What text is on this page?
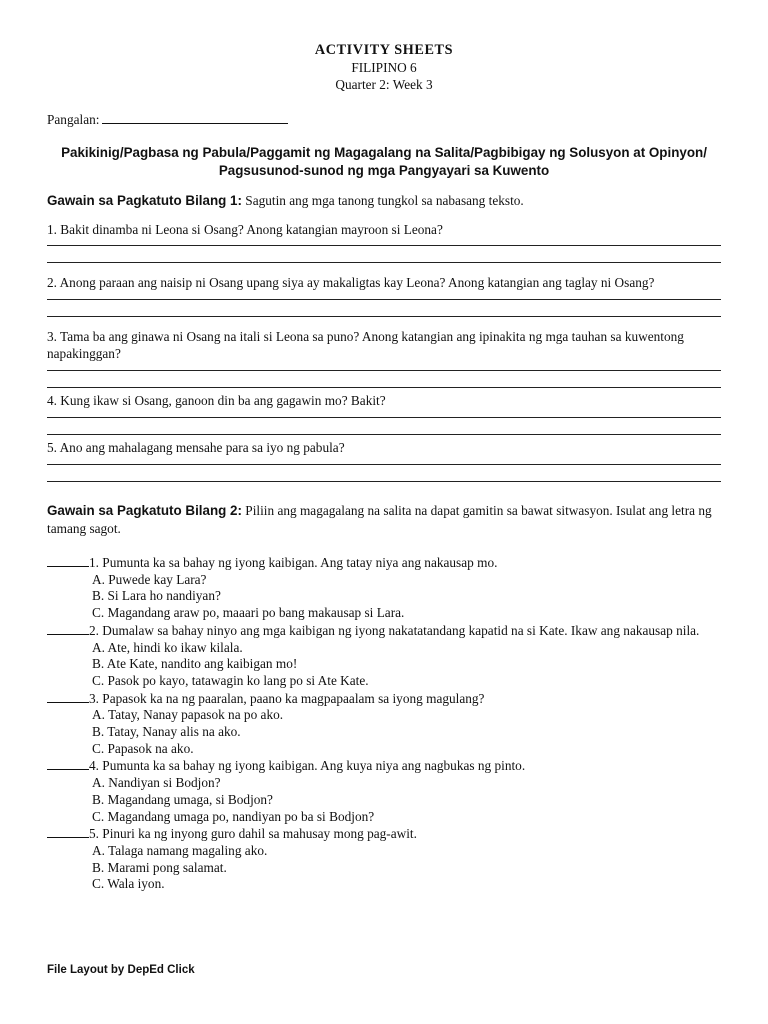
ACTIVITY SHEETS
FILIPINO 6
Quarter 2: Week 3
Pangalan:
Pakikinig/Pagbasa ng Pabula/Paggamit ng Magagalang na Salita/Pagbibigay ng Solusyon at Opinyon/
Pagsusunod-sunod ng mga Pangyayari sa Kuwento
Gawain sa Pagkatuto Bilang 1: Sagutin ang mga tanong tungkol sa nabasang teksto.
1. Bakit dinamba ni Leona si Osang? Anong katangian mayroon si Leona?
2. Anong paraan ang naisip ni Osang upang siya ay makaligtas kay Leona? Anong katangian ang taglay ni Osang?
3. Tama ba ang ginawa ni Osang na itali si Leona sa puno? Anong katangian ang ipinakita ng mga tauhan sa kuwentong napakinggan?
4. Kung ikaw si Osang, ganoon din ba ang gagawin mo? Bakit?
5. Ano ang mahalagang mensahe para sa iyo ng pabula?
Gawain sa Pagkatuto Bilang 2: Piliin ang magagalang na salita na dapat gamitin sa bawat sitwasyon. Isulat ang letra ng tamang sagot.
1. Pumunta ka sa bahay ng iyong kaibigan. Ang tatay niya ang nakausap mo.
A. Puwede kay Lara?
B. Si Lara ho nandiyan?
C. Magandang araw po, maaari po bang makausap si Lara.
2. Dumalaw sa bahay ninyo ang mga kaibigan ng iyong nakatatandang kapatid na si Kate. Ikaw ang nakausap nila.
A. Ate, hindi ko ikaw kilala.
B. Ate Kate, nandito ang kaibigan mo!
C. Pasok po kayo, tatawagin ko lang po si Ate Kate.
3. Papasok ka na ng paaralan, paano ka magpapaalam sa iyong magulang?
A. Tatay, Nanay papasok na po ako.
B. Tatay, Nanay alis na ako.
C. Papasok na ako.
4. Pumunta ka sa bahay ng iyong kaibigan. Ang kuya niya ang nagbukas ng pinto.
A. Nandiyan si Bodjon?
B. Magandang umaga, si Bodjon?
C. Magandang umaga po, nandiyan po ba si Bodjon?
5. Pinuri ka ng inyong guro dahil sa mahusay mong pag-awit.
A. Talaga namang magaling ako.
B. Marami pong salamat.
C. Wala iyon.
File Layout by DepEd Click
